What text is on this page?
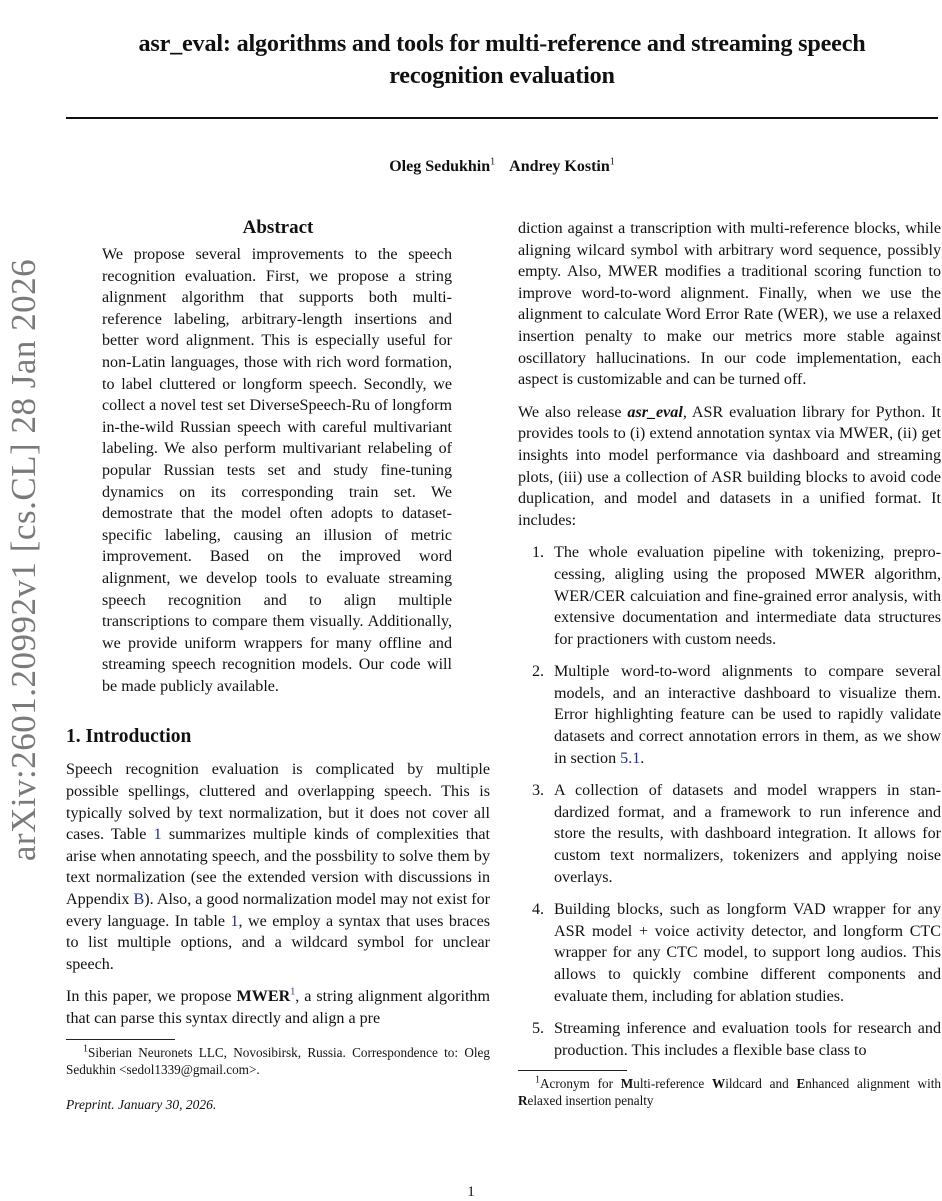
arXiv:2601.20992v1 [cs.CL] 28 Jan 2026
asr_eval: algorithms and tools for multi-reference and streaming speech
recognition evaluation
Oleg Sedukhin$^1$ Andrey Kostin$^1$
Abstract

We propose several improvements to the speech recognition evaluation. First, we propose a string alignment algorithm that supports both multi-reference labeling, arbitrary-length insertions and better word alignment. This is especially useful for non-Latin languages, those with rich word formation, to label cluttered or longform speech. Secondly, we collect a novel test set DiverseSpeech-Ru of longform in-the-wild Russian speech with careful multivariant labeling. We also perform multivariant relabeling of popular Russian tests set and study fine-tuning dynamics on its corresponding train set. We demostrate that the model often adopts to dataset-specific labeling, causing an illusion of metric improvement. Based on the improved word alignment, we develop tools to evaluate streaming speech recognition and to align multiple transcriptions to compare them visually. Additionally, we provide uniform wrappers for many offline and streaming speech recognition models. Our code will be made publicly available.

1. Introduction

Speech recognition evaluation is complicated by multiple possible spellings, cluttered and overlapping speech. This is typically solved by text normalization, but it does not cover all cases. Table 1 summarizes multiple kinds of complexities that arise when annotating speech, and the possbility to solve them by text normalization (see the extended version with discussions in Appendix B). Also, a good normalization model may not exist for every language. In table 1, we employ a syntax that uses braces to list multiple options, and a wildcard symbol for unclear speech.

In this paper, we propose MWER$^1$, a string alignment algorithm that can parse this syntax directly and align a pre

$^1$Siberian Neuronets LLC, Novosibirsk, Russia. Correspondence to: Oleg Sedukhin <sedol1339@gmail.com>.

Preprint. January 30, 2026.

diction against a transcription with multi-reference blocks, while aligning wilcard symbol with arbitrary word sequence, possibly empty. Also, MWER modifies a traditional scoring function to improve word-to-word alignment. Finally, when we use the alignment to calculate Word Error Rate (WER), we use a relaxed insertion penalty to make our metrics more stable against oscillatory hallucinations. In our code implementation, each aspect is customizable and can be turned off.

We also release asr_eval, ASR evaluation library for Python. It provides tools to (i) extend annotation syntax via MWER, (ii) get insights into model performance via dashboard and streaming plots, (iii) use a collection of ASR building blocks to avoid code duplication, and model and datasets in a unified format. It includes:

1. The whole evaluation pipeline with tokenizing, preprocessing, aligling using the proposed MWER algorithm, WER/CER calcuiation and fine-grained error analysis, with extensive documentation and intermediate data structures for practioners with custom needs.
2. Multiple word-to-word alignments to compare several models, and an interactive dashboard to visualize them. Error highlighting feature can be used to rapidly validate datasets and correct annotation errors in them, as we show in section 5.1.
3. A collection of datasets and model wrappers in standardized format, and a framework to run inference and store the results, with dashboard integration. It allows for custom text normalizers, tokenizers and applying noise overlays.
4. Building blocks, such as longform VAD wrapper for any ASR model + voice activity detector, and longform CTC wrapper for any CTC model, to support long audios. This allows to quickly combine different components and evaluate them, including for ablation studies.
5. Streaming inference and evaluation tools for research and production. This includes a flexible base class to

$^1$Acronym for Multi-reference Wildcard and Enhanced alignment with Relaxed insertion penalty

1
